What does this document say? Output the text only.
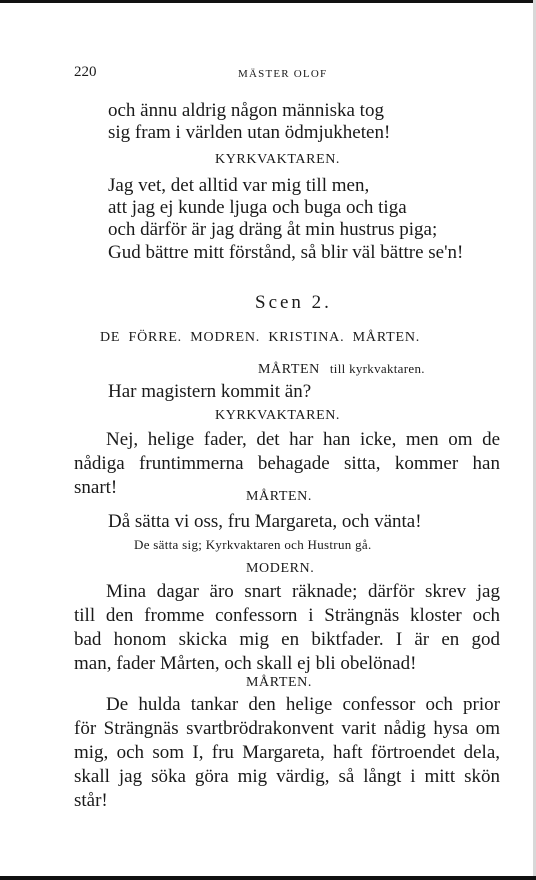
220	MÄSTER OLOF
och ännu aldrig någon människa tog
sig fram i världen utan ödmjukheten!
KYRKVAKTAREN.
Jag vet, det alltid var mig till men,
att jag ej kunde ljuga och buga och tiga
och därför är jag dräng åt min hustrus piga;
Gud bättre mitt förstånd, så blir väl bättre se'n!
Scen 2.
DE FÖRRE. MODREN. KRISTINA. MÅRTEN.
MÅRTEN till kyrkvaktaren.
Har magistern kommit än?
KYRKVAKTAREN.
Nej, helige fader, det har han icke, men om de
nådiga fruntimmerna behagade sitta, kommer han
snart!	MÅRTEN.
Då sätta vi oss, fru Margareta, och vänta!
De sätta sig; Kyrkvaktaren och Hustrun gå.
MODERN.
Mina dagar äro snart räknade; därför skrev jag
till den fromme confessorn i Strängnäs kloster och
bad honom skicka mig en biktfader. I är en god
man, fader Mårten, och skall ej bli obelönad!
MÅRTEN.
De hulda tankar den helige confessor och prior
för Strängnäs svartbrödrakonvent varit nådig hysa om
mig, och som I, fru Margareta, haft förtroendet dela,
skall jag söka göra mig värdig, så långt i mitt skön
står!
